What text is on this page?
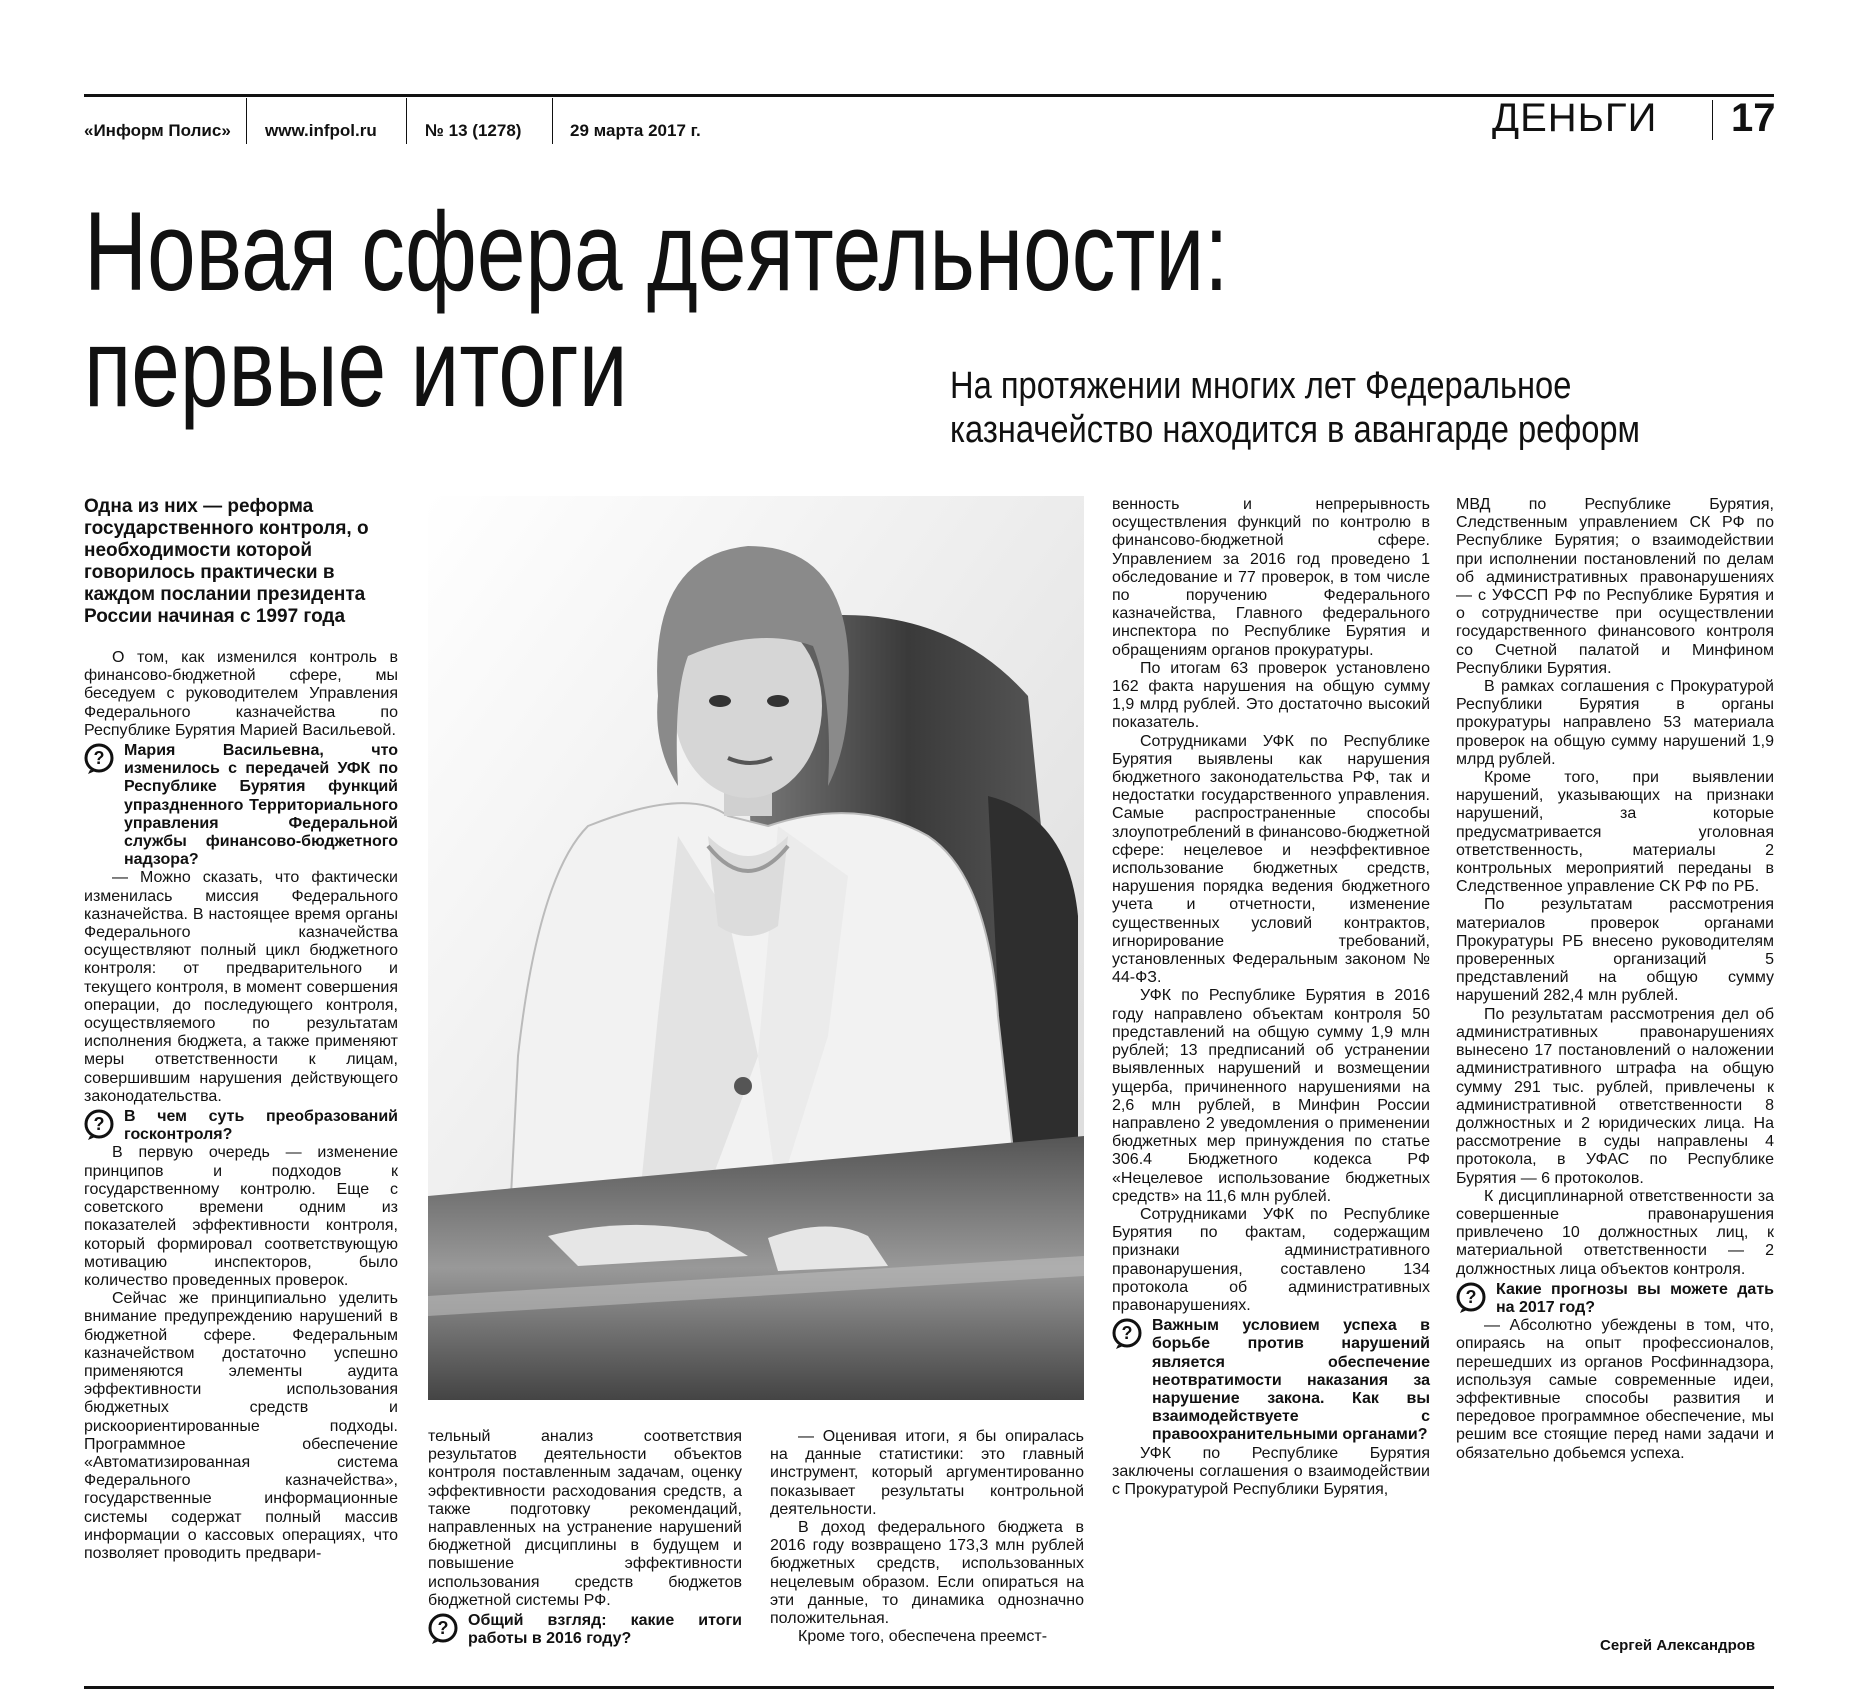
«Информ Полис» www.infpol.ru	№ 13 (1278)	29 марта 2017 г.	ДЕНЬГИ 17
Новая сфера деятельности:
первые итоги	На протяжении многих лет Федеральное
казначейство находится в авангарде реформ
Одна из них — реформа государственного контроля, о необходимости которой говорилось практически в каждом послании президента России начиная с 1997 года

О том, как изменился контроль в финансово-бюджетной сфере, мы беседуем с руководителем Управления Федерального казначейства по Республике Бурятия Марией Васильевой.

? Мария Васильевна, что изменилось с передачей УФК по Республике Бурятия функций упраздненного Территориального управления Федеральной службы финансово-бюджетного надзора?

— Можно сказать, что фактически изменилась миссия Федерального казначейства. В настоящее время органы Федерального казначейства осуществляют полный цикл бюджетного контроля: от предварительного и текущего контроля, в момент совершения операции, до последующего контроля, осуществляемого по результатам исполнения бюджета, а также применяют меры ответственности к лицам, совершившим нарушения действующего законодательства.

? В чем суть преобразований госконтроля?

В первую очередь — изменение принципов и подходов к государственному контролю. Еще с советского времени одним из показателей эффективности контроля, который формировал соответствующую мотивацию инспекторов, было количество проведенных проверок.

Сейчас же принципиально уделить внимание предупреждению нарушений в бюджетной сфере. Федеральным казначейством достаточно успешно применяются элементы аудита эффективности использования бюджетных средств и рискоориентированные подходы. Программное обеспечение «Автоматизированная система Федерального казначейства», государственные информационные системы содержат полный массив информации о кассовых операциях, что позволяет проводить предвари-

тельный анализ соответствия результатов деятельности объектов контроля поставленным задачам, оценку эффективности расходования средств, а также подготовку рекомендаций, направленных на устранение нарушений бюджетной дисциплины в будущем и повышение эффективности использования средств бюджетов бюджетной системы РФ.

? Общий взгляд: какие итоги работы в 2016 году?

— Оценивая итоги, я бы опиралась на данные статистики: это главный инструмент, который аргументированно показывает результаты контрольной деятельности.

В доход федерального бюджета в 2016 году возвращено 173,3 млн рублей бюджетных средств, использованных нецелевым образом. Если опираться на эти данные, то динамика однозначно положительная.

Кроме того, обеспечена преемст-

венность и непрерывность осуществления функций по контролю в финансово-бюджетной сфере. Управлением за 2016 год проведено 1 обследование и 77 проверок, в том числе по поручению Федерального казначейства, Главного федерального инспектора по Республике Бурятия и обращениям органов прокуратуры.

По итогам 63 проверок установлено 162 факта нарушения на общую сумму 1,9 млрд рублей. Это достаточно высокий показатель.

Сотрудниками УФК по Республике Бурятия выявлены как нарушения бюджетного законодательства РФ, так и недостатки государственного управления. Самые распространенные способы злоупотреблений в финансово-бюджетной сфере: нецелевое и неэффективное использование бюджетных средств, нарушения порядка ведения бюджетного учета и отчетности, изменение существенных условий контрактов, игнорирование требований, установленных Федеральным законом № 44-ФЗ.

УФК по Республике Бурятия в 2016 году направлено объектам контроля 50 представлений на общую сумму 1,9 млн рублей; 13 предписаний об устранении выявленных нарушений и возмещении ущерба, причиненного нарушениями на 2,6 млн рублей, в Минфин России направлено 2 уведомления о применении бюджетных мер принуждения по статье 306.4 Бюджетного кодекса РФ «Нецелевое использование бюджетных средств» на 11,6 млн рублей.

Сотрудниками УФК по Республике Бурятия по фактам, содержащим признаки административного правонарушения, составлено 134 протокола об административных правонарушениях.

? Важным условием успеха в борьбе против нарушений является обеспечение неотвратимости наказания за нарушение закона. Как вы взаимодействуете с правоохранительными органами?

УФК по Республике Бурятия заключены соглашения о взаимодействии с Прокуратурой Республики Бурятия,

МВД по Республике Бурятия, Следственным управлением СК РФ по Республике Бурятия; о взаимодействии при исполнении постановлений по делам об административных правонарушениях — с УФССП РФ по Республике Бурятия и о сотрудничестве при осуществлении государственного финансового контроля со Счетной палатой и Минфином Республики Бурятия.

В рамках соглашения с Прокуратурой Республики Бурятия в органы прокуратуры направлено 53 материала проверок на общую сумму нарушений 1,9 млрд рублей.

Кроме того, при выявлении нарушений, указывающих на признаки нарушений, за которые предусматривается уголовная ответственность, материалы 2 контрольных мероприятий переданы в Следственное управление СК РФ по РБ.

По результатам рассмотрения материалов проверок органами Прокуратуры РБ внесено руководителям проверенных организаций 5 представлений на общую сумму нарушений 282,4 млн рублей.

По результатам рассмотрения дел об административных правонарушениях вынесено 17 постановлений о наложении административного штрафа на общую сумму 291 тыс. рублей, привлечены к административной ответственности 8 должностных и 2 юридических лица. На рассмотрение в суды направлены 4 протокола, в УФАС по Республике Бурятия — 6 протоколов.

К дисциплинарной ответственности за совершенные правонарушения привлечено 10 должностных лиц, к материальной ответственности — 2 должностных лица объектов контроля.

? Какие прогнозы вы можете дать на 2017 год?

— Абсолютно убеждены в том, что, опираясь на опыт профессионалов, перешедших из органов Росфиннадзора, используя самые современные идеи, эффективные способы развития и передовое программное обеспечение, мы решим все стоящие перед нами задачи и обязательно добьемся успеха.

Сергей Александров
